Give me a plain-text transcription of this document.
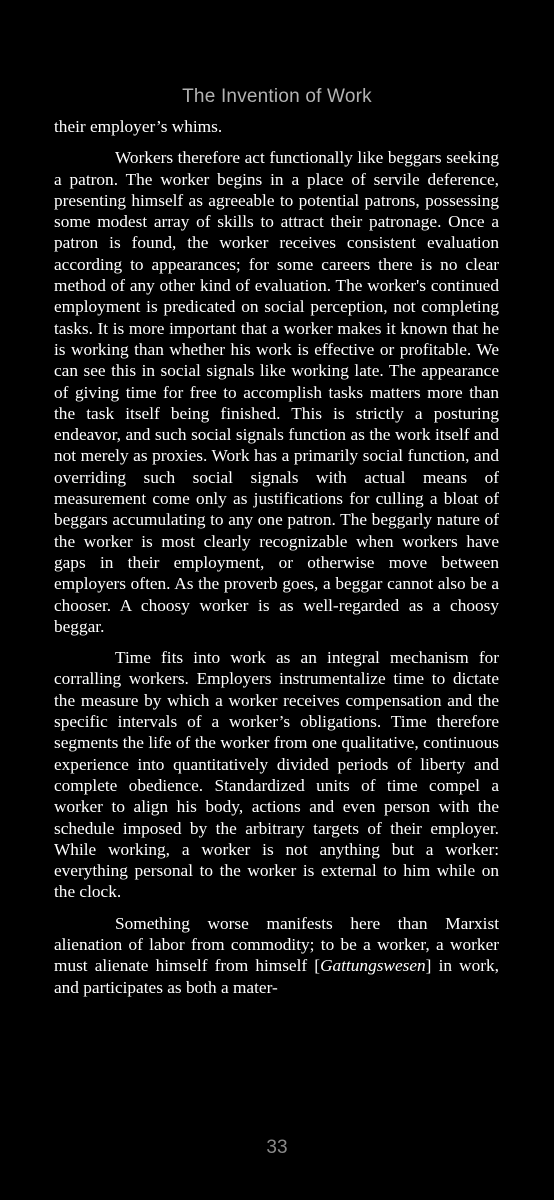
The Invention of Work

their employer’s whims.

Workers therefore act functionally like beggars seeking a patron. The worker begins in a place of servile deference, presenting himself as agreeable to potential patrons, possessing some modest array of skills to attract their patronage. Once a patron is found, the worker receives consistent evaluation according to appearances; for some careers there is no clear method of any other kind of evaluation. The worker's continued employment is predicated on social perception, not completing tasks. It is more important that a worker makes it known that he is working than whether his work is effective or profitable. We can see this in social signals like working late. The appearance of giving time for free to accomplish tasks matters more than the task itself being finished. This is strictly a posturing endeavor, and such social signals function as the work itself and not merely as proxies. Work has a primarily social function, and overriding such social signals with actual means of measurement come only as justifications for culling a bloat of beggars accumulating to any one patron. The beggarly nature of the worker is most clearly recognizable when workers have gaps in their employment, or otherwise move between employers often. As the proverb goes, a beggar cannot also be a chooser. A choosy worker is as well-regarded as a choosy beggar.

Time fits into work as an integral mechanism for corralling workers. Employers instrumentalize time to dictate the measure by which a worker receives compensation and the specific intervals of a worker’s obligations. Time therefore segments the life of the worker from one qualitative, continuous experience into quantitatively divided periods of liberty and complete obedience. Standardized units of time compel a worker to align his body, actions and even person with the schedule imposed by the arbitrary targets of their employer. While working, a worker is not anything but a worker: everything personal to the worker is external to him while on the clock.

Something worse manifests here than Marxist alienation of labor from commodity; to be a worker, a worker must alienate himself from himself [Gattungswesen] in work, and participates as both a mater-

33
